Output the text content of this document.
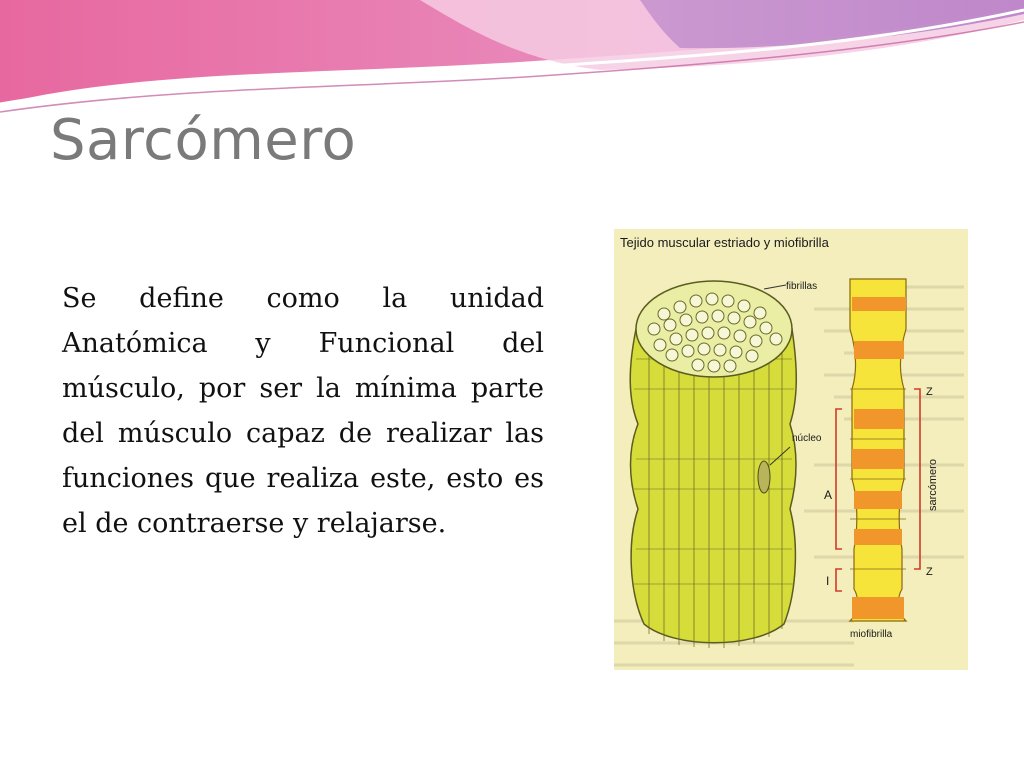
Sarcómero

Se define como la unidad Anatómica y Funcional del músculo, por ser la mínima parte del músculo capaz de realizar las funciones que realiza este, esto es el de contraerse y relajarse.

Tejido muscular estriado y miofibrilla
fibrillas
núcleo
Z
Z
A
I
sarcómero
miofibrilla
